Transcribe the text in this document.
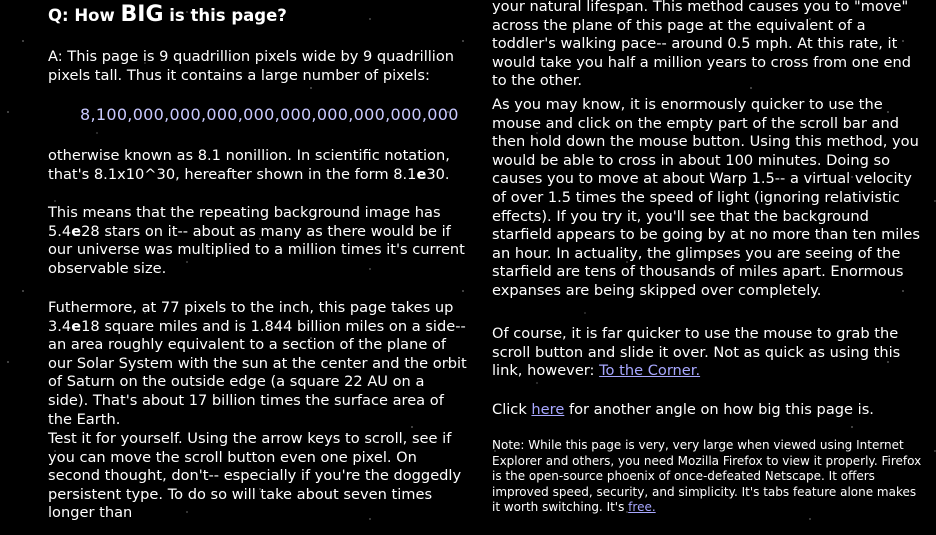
Q: How BIG is this page?

A: This page is 9 quadrillion pixels wide by 9 quadrillion pixels tall. Thus it contains a large number of pixels:

8,100,000,000,000,000,000,000,000,000,000

otherwise known as 8.1 nonillion. In scientific notation, that's 8.1x10^30, hereafter shown in the form 8.1e30.

This means that the repeating background image has 5.4e28 stars on it-- about as many as there would be if our universe was multiplied to a million times it's current observable size.

Futhermore, at 77 pixels to the inch, this page takes up 3.4e18 square miles and is 1.844 billion miles on a side-- an area roughly equivalent to a section of the plane of our Solar System with the sun at the center and the orbit of Saturn on the outside edge (a square 22 AU on a side). That's about 17 billion times the surface area of the Earth.

Test it for yourself. Using the arrow keys to scroll, see if you can move the scroll button even one pixel. On second thought, don't-- especially if you're the doggedly persistent type. To do so will take about seven times longer than

your natural lifespan. This method causes you to "move" across the plane of this page at the equivalent of a toddler's walking pace-- around 0.5 mph. At this rate, it would take you half a million years to cross from one end to the other.

As you may know, it is enormously quicker to use the mouse and click on the empty part of the scroll bar and then hold down the mouse button. Using this method, you would be able to cross in about 100 minutes. Doing so causes you to move at about Warp 1.5-- a virtual velocity of over 1.5 times the speed of light (ignoring relativistic effects). If you try it, you'll see that the background starfield appears to be going by at no more than ten miles an hour. In actuality, the glimpses you are seeing of the starfield are tens of thousands of miles apart. Enormous expanses are being skipped over completely.

Of course, it is far quicker to use the mouse to grab the scroll button and slide it over. Not as quick as using this link, however: To the Corner.

Click here for another angle on how big this page is.

Note: While this page is very, very large when viewed using Internet Explorer and others, you need Mozilla Firefox to view it properly. Firefox is the open-source phoenix of once-defeated Netscape. It offers improved speed, security, and simplicity. It's tabs feature alone makes it worth switching. It's free.
